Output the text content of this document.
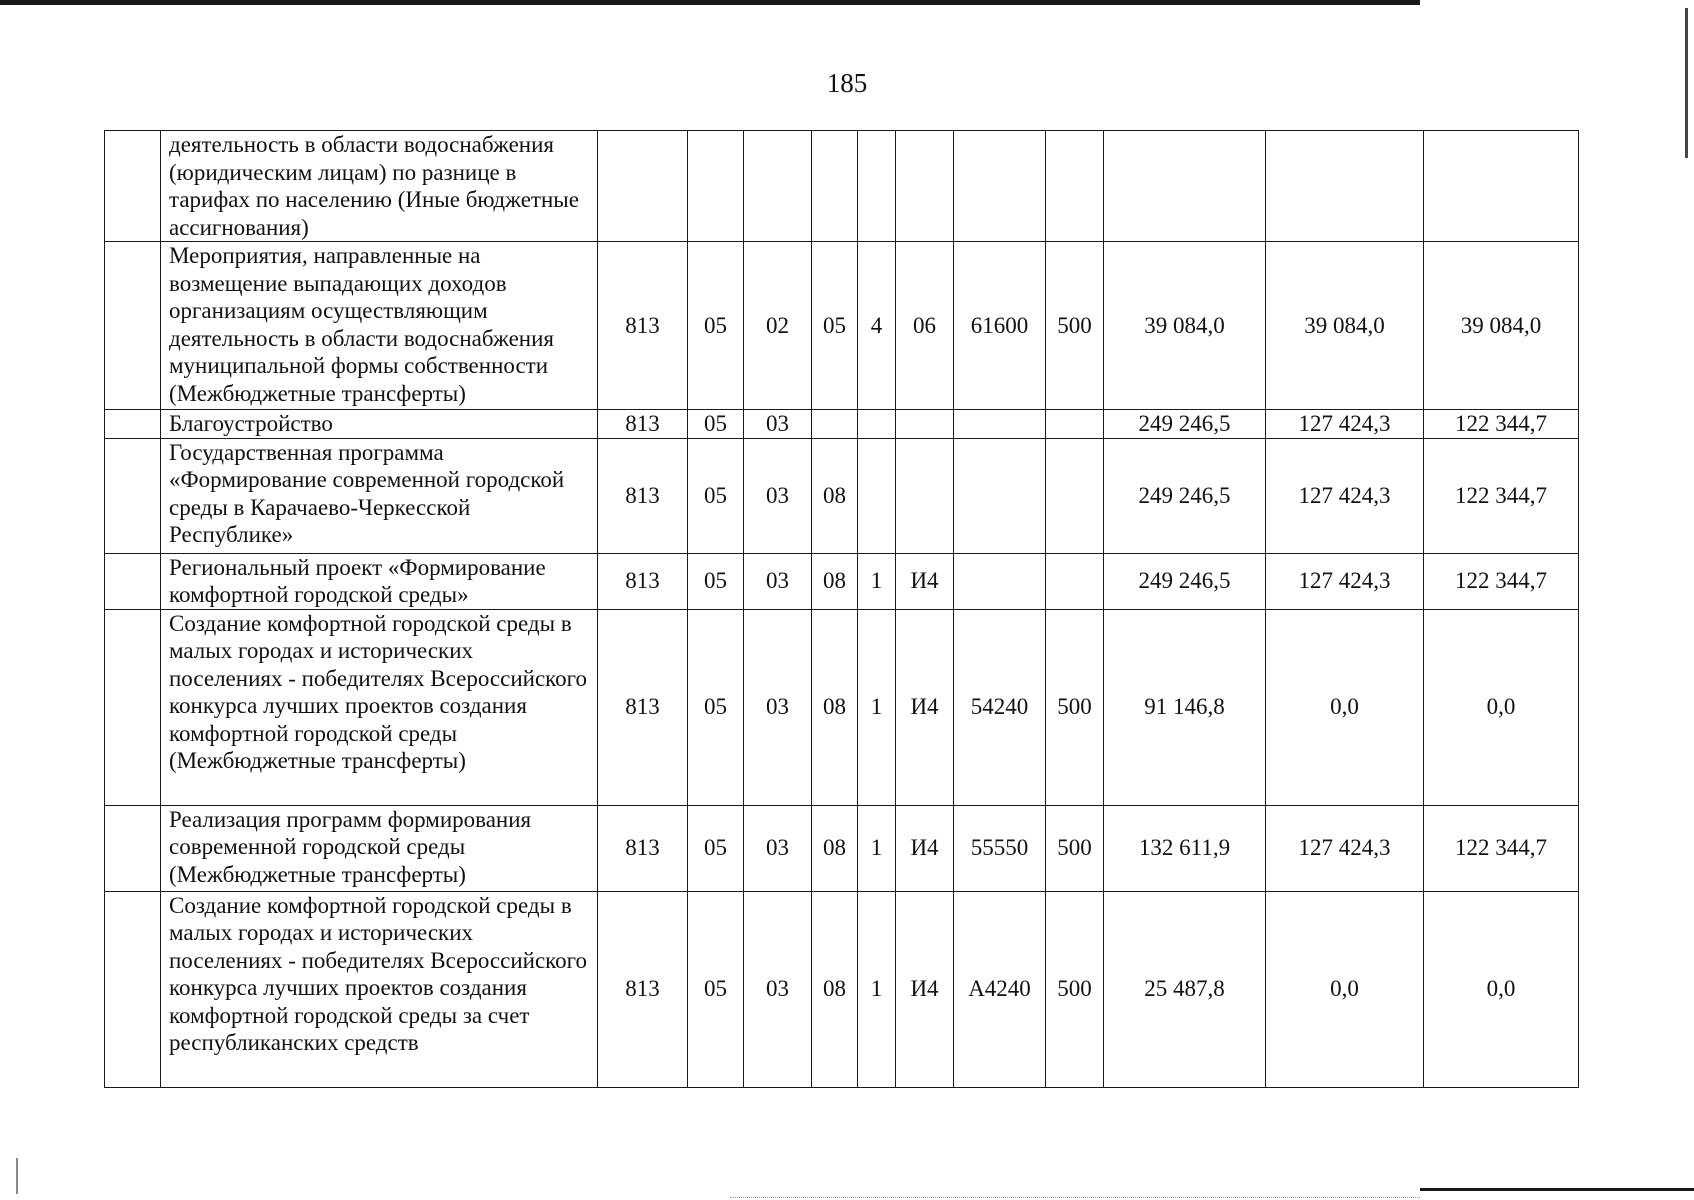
185
	деятельность в области водоснабжения (юридическим лицам) по разнице в тарифах по населению (Иные бюджетные ассигнования)											
	Мероприятия, направленные на возмещение выпадающих доходов организациям осуществляющим деятельность в области водоснабжения муниципальной формы собственности (Межбюджетные трансферты)	813	05	02	05	4	06	61600	500	39 084,0	39 084,0	39 084,0
	Благоустройство	813	05	03						249 246,5	127 424,3	122 344,7
	Государственная программа «Формирование современной городской среды в Карачаево-Черкесской Республике»	813	05	03	08					249 246,5	127 424,3	122 344,7
	Региональный проект «Формирование комфортной городской среды»	813	05	03	08	1	И4			249 246,5	127 424,3	122 344,7
	Создание комфортной городской среды в малых городах и исторических поселениях - победителях Всероссийского конкурса лучших проектов создания комфортной городской среды (Межбюджетные трансферты)	813	05	03	08	1	И4	54240	500	91 146,8	0,0	0,0
	Реализация программ формирования современной городской среды (Межбюджетные трансферты)	813	05	03	08	1	И4	55550	500	132 611,9	127 424,3	122 344,7
	Создание комфортной городской среды в малых городах и исторических поселениях - победителях Всероссийского конкурса лучших проектов создания комфортной городской среды за счет республиканских средств	813	05	03	08	1	И4	А4240	500	25 487,8	0,0	0,0
